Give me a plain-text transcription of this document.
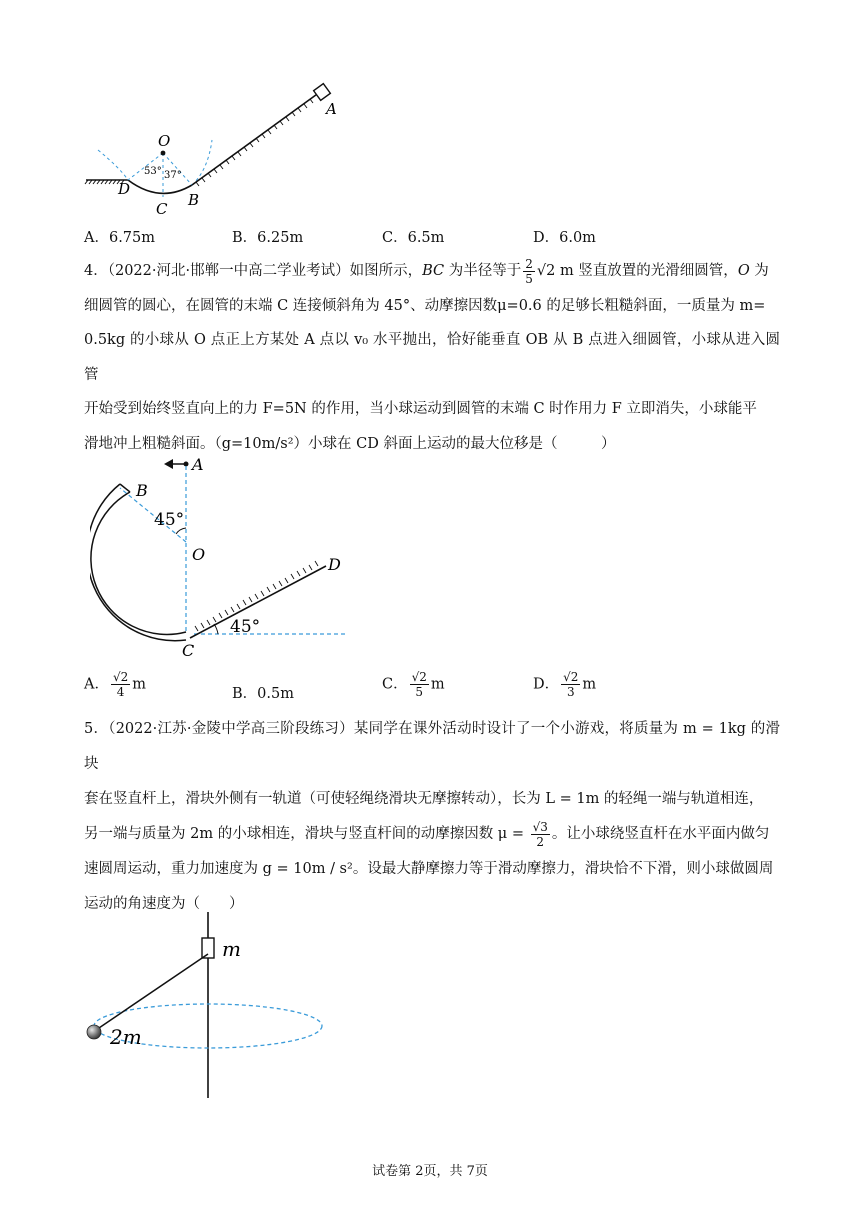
O
A
D
C B
53° 37°
A．6.75m	B．6.25m	C．6.5m	D．6.0m
4．（2022·河北·邯郸一中高二学业考试）如图所示，BC 为半径等于 $\frac{2}{5} √2$ m 竖直放置的光滑细圆管，O 为
细圆管的圆心，在圆管的末端 C 连接倾斜角为 45°、动摩擦因数μ=0.6 的足够长粗糙斜面，一质量为 m=
0.5kg 的小球从 O 点正上方某处 A 点以 v₀ 水平抛出，恰好能垂直 OB 从 B 点进入细圆管，小球从进入圆管
开始受到始终竖直向上的力 F=5N 的作用，当小球运动到圆管的末端 C 时作用力 F 立即消失，小球能平
滑地冲上粗糙斜面。（g=10m/s²）小球在 CD 斜面上运动的最大位移是（　　　）
A
B
O
C
D
45°
45°
A． $\frac{√2}{4}$ m
B．0.5m
C． $\frac{√2}{5}$ m	D． $\frac{√2}{3}$ m
5．（2022·江苏·金陵中学高三阶段练习）某同学在课外活动时设计了一个小游戏，将质量为 m = 1kg 的滑块
套在竖直杆上，滑块外侧有一轨道（可使轻绳绕滑块无摩擦转动），长为 L = 1m 的轻绳一端与轨道相连，
另一端与质量为 2m 的小球相连，滑块与竖直杆间的动摩擦因数 $\mu = \frac{√3}{2}$ 。让小球绕竖直杆在水平面内做匀
速圆周运动，重力加速度为 g = 10m / s²。设最大静摩擦力等于滑动摩擦力，滑块恰不下滑，则小球做圆周
运动的角速度为（　　）
m
2m
试卷第 2页，共 7页
